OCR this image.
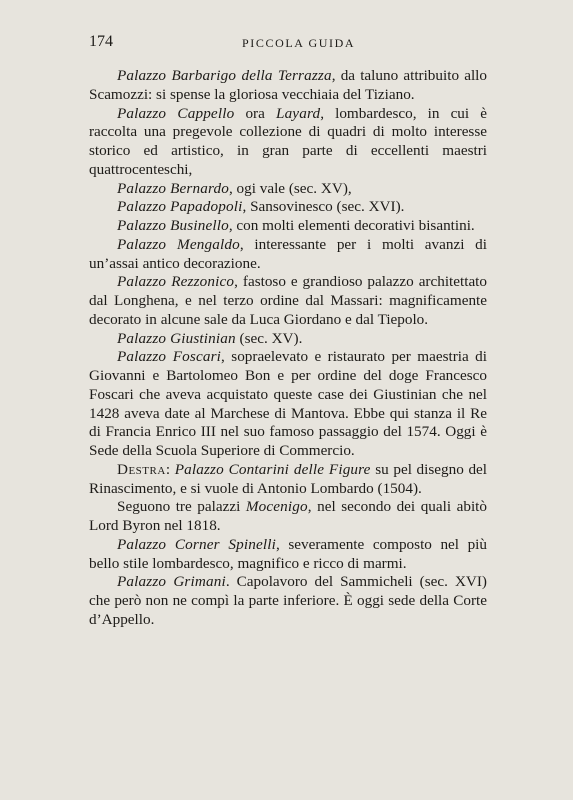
174	PICCOLA GUIDA

Palazzo Barbarigo della Terrazza, da taluno attribuito allo Scamozzi: si spense la gloriosa vecchiaia del Tiziano.

Palazzo Cappello ora Layard, lombardesco, in cui è raccolta una pregevole collezione di quadri di molto interesse storico ed artistico, in gran parte di eccellenti maestri quattrocenteschi,

Palazzo Bernardo, ogi vale (sec. XV),

Palazzo Papadopoli, Sansovinesco (sec. XVI).

Palazzo Businello, con molti elementi decorativi bisantini.

Palazzo Mengaldo, interessante per i molti avanzi di un’assai antico decorazione.

Palazzo Rezzonico, fastoso e grandioso palazzo architettato dal Longhena, e nel terzo ordine dal Massari: magnificamente decorato in alcune sale da Luca Giordano e dal Tiepolo.

Palazzo Giustinian (sec. XV).

Palazzo Foscari, sopraelevato e ristaurato per maestria di Giovanni e Bartolomeo Bon e per ordine del doge Francesco Foscari che aveva acquistato queste case dei Giustinian che nel 1428 aveva date al Marchese di Mantova. Ebbe qui stanza il Re di Francia Enrico III nel suo famoso passaggio del 1574. Oggi è Sede della Scuola Superiore di Commercio.

Destra: Palazzo Contarini delle Figure su pel disegno del Rinascimento, e si vuole di Antonio Lombardo (1504).

Seguono tre palazzi Mocenigo, nel secondo dei quali abitò Lord Byron nel 1818.

Palazzo Corner Spinelli, severamente composto nel più bello stile lombardesco, magnifico e ricco di marmi.

Palazzo Grimani. Capolavoro del Sammicheli (sec. XVI) che però non ne compì la parte inferiore. È oggi sede della Corte d’Appello.
